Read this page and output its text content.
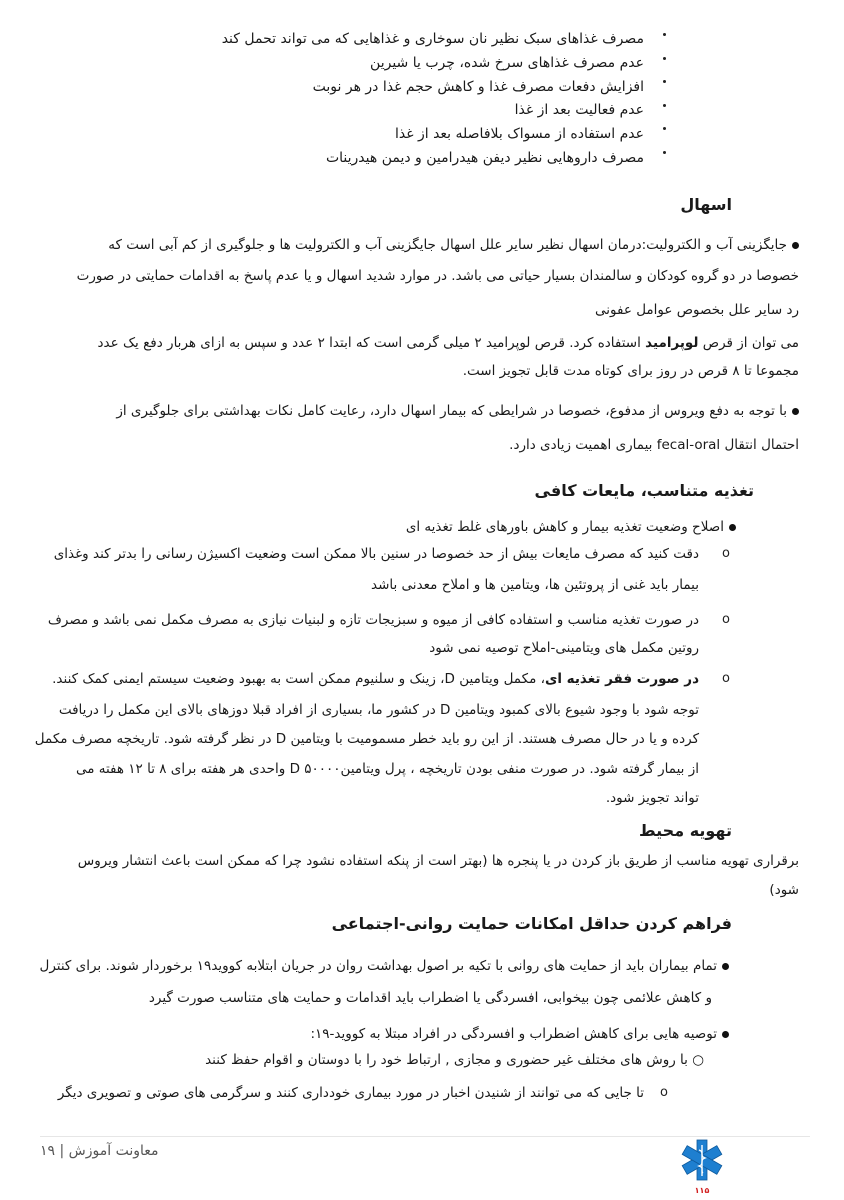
مصرف غذاهای سبک نظیر نان سوخاری و غذاهایی که می تواند تحمل کند
عدم مصرف غذاهای سرخ شده، چرب یا شیرین
افزایش دفعات مصرف غذا و کاهش حجم غذا در هر نوبت
عدم فعالیت بعد از غذا
عدم استفاده از مسواک بلافاصله بعد از غذا
مصرف داروهایی نظیر دیفن هیدرامین و دیمن هیدرینات
اسهال
جایگزینی آب و الکترولیت:درمان اسهال نظیر سایر علل اسهال جایگزینی آب و الکترولیت ها و جلوگیری از کم آبی است که
خصوصا در دو گروه کودکان و سالمندان بسیار حیاتی می باشد. در موارد شدید اسهال و یا عدم پاسخ به اقدامات حمایتی در صورت
رد سایر علل بخصوص عوامل عفونی
می توان از قرص لوپرامید استفاده کرد. قرص لوپرامید ۲ میلی گرمی است که ابتدا ۲ عدد و سپس به ازای هربار دفع یک عدد
مجموعا تا ۸ قرص در روز برای کوتاه مدت قابل تجویز است.
با توجه به دفع ویروس از مدفوع، خصوصا در شرایطی که بیمار اسهال دارد، رعایت کامل نکات بهداشتی برای جلوگیری از
احتمال انتقال fecal-oral بیماری اهمیت زیادی دارد.
تغذیه متناسب، مایعات کافی
اصلاح وضعیت تغذیه بیمار و کاهش باورهای غلط تغذیه ای
o
دقت کنید که مصرف مایعات بیش از حد خصوصا در سنین بالا ممکن است وضعیت اکسیژن رسانی را بدتر کند وغذای
بیمار باید غنی از پروتئین ها، ویتامین ها و املاح معدنی باشد
o
در صورت تغذیه مناسب و استفاده کافی از میوه و سبزیجات تازه و لبنیات نیازی به مصرف مکمل نمی باشد و مصرف
روتین مکمل های ویتامینی-املاح توصیه نمی شود
o
در صورت فقر تغذیه ای، مکمل ویتامین D، زینک و سلنیوم ممکن است به بهبود وضعیت سیستم ایمنی کمک کنند.
توجه شود با وجود شیوع بالای کمبود ویتامین D در کشور ما، بسیاری از افراد قبلا دوزهای بالای این مکمل را دریافت
کرده و یا در حال مصرف هستند. از این رو باید خطر مسمومیت با ویتامین D در نظر گرفته شود. تاریخچه مصرف مکمل
از بیمار گرفته شود. در صورت منفی بودن تاریخچه ، پرل ویتامینD ۵۰۰۰۰ واحدی هر هفته برای ۸ تا ۱۲ هفته می
تواند تجویز شود.
تهویه محیط
برقراری تهویه مناسب از طریق باز کردن در یا پنجره ها (بهتر است از پنکه استفاده نشود چرا که ممکن است باعث انتشار ویروس
شود)
فراهم کردن حداقل امکانات حمایت روانی-اجتماعی
تمام بیماران باید از حمایت های روانی با تکیه بر اصول بهداشت روان در جریان ابتلابه کووید۱۹ برخوردار شوند. برای کنترل
و کاهش علائمی چون بیخوابی، افسردگی یا اضطراب باید اقدامات و حمایت های متناسب صورت گیرد
توصیه هایی برای کاهش اضطراب و افسردگی در افراد مبتلا به کووید-۱۹:
○ با روش های مختلف غیر حضوری و مجازی , ارتباط خود را با دوستان و اقوام حفظ کنند
o
تا جایی که می توانند از شنیدن اخبار در مورد بیماری خودداری کنند و سرگرمی های صوتی و تصویری دیگر
معاونت آموزش | ۱۹
۱۱۵
